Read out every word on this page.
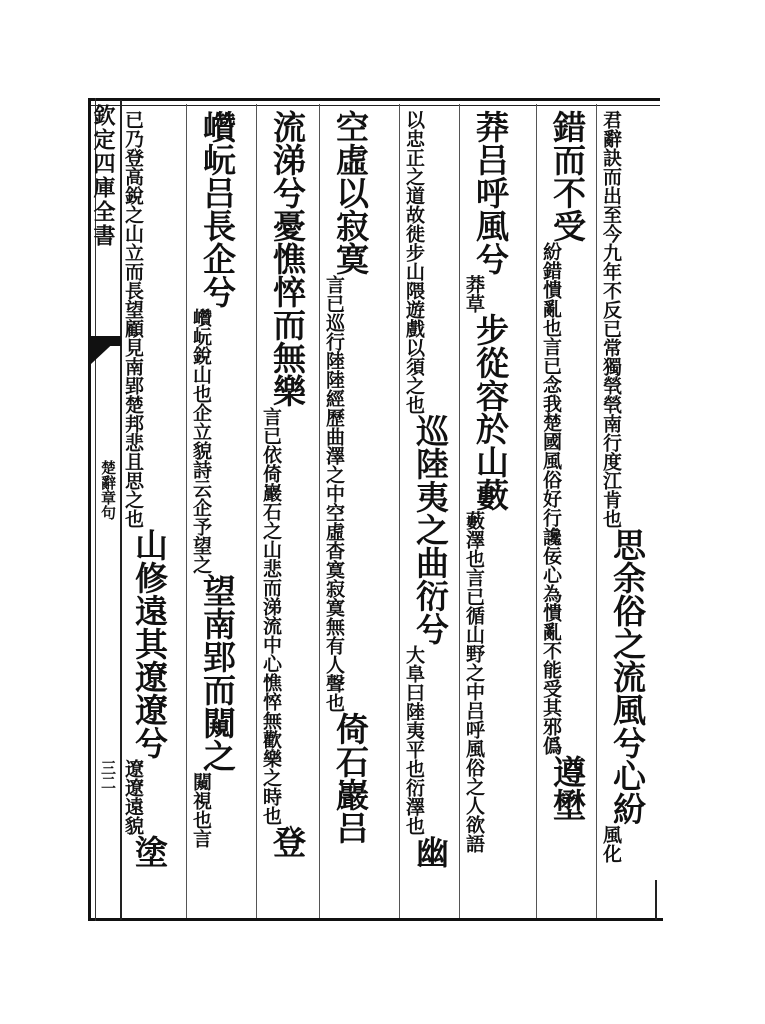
欽定四庫全書
楚辭章句
三二
君辭訣而出至今九年不
反已常獨煢煢南行度江
肯
也
思余俗之流風兮心紛
風
化
錯而不受
紛錯憒亂也言已念我楚國風俗
好行讒佞心為憒亂不能受其邪僞
遵壄
莽吕呼風兮
莽
草
步從容於山藪
藪澤也言已循山野之
中吕呼風俗之人欲語
以忠正之道故徙步
山隈遊戲以須之也
巡陸夷之曲衍兮
大阜曰陸夷
平也衍澤也
幽
空虛以寂寞
言已巡行陸陸經歷曲澤之中
空虛杳寞寂寞無有人聲也
倚石巖吕
流涕兮憂憔悴而無樂
言已依倚巖石之山悲而涕
流中心憔悴無歡樂之時也
登
巑岏吕長企兮
巑岏銳山也企立
貌詩云企予望之
望南郢而闚之
闚視
也言
已乃登高銳之山立而長望
顧見南郢楚邦悲且思之也
山修遠其遼遼兮
遼遼
遠貌
塗
